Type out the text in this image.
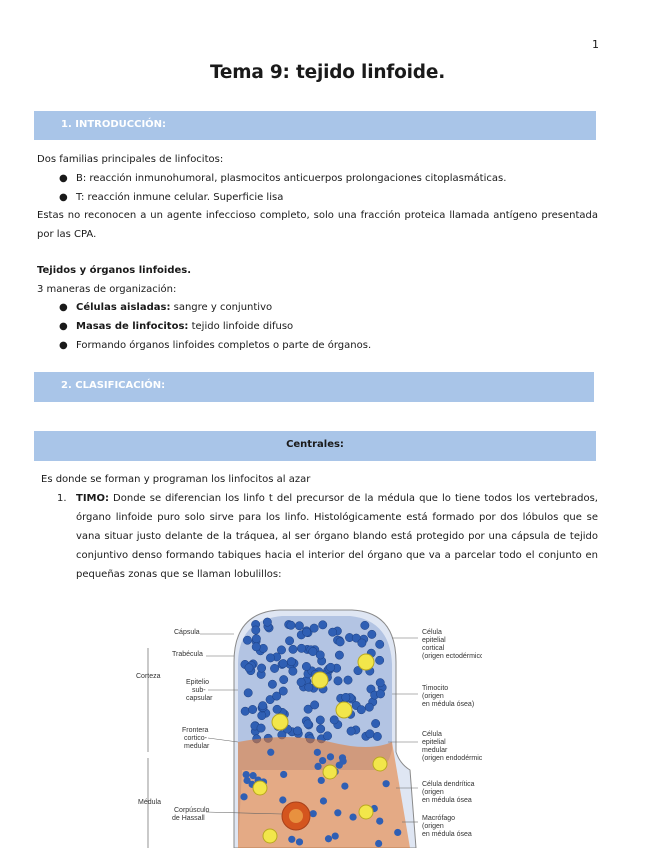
1
Tema 9: tejido linfoide.
1. INTRODUCCIÓN:
Dos familias principales de linfocitos:
● B: reacción inmunohumoral, plasmocitos anticuerpos prolongaciones citoplasmáticas.
● T: reacción inmune celular. Superficie lisa
Estas no reconocen a un agente infeccioso completo, solo una fracción proteica llamada antígeno presentada por las CPA.
Tejidos y órganos linfoides.
3 maneras de organización:
● Células aisladas: sangre y conjuntivo
● Masas de linfocitos: tejido linfoide difuso
● Formando órganos linfoides completos o parte de órganos.
2. CLASIFICACIÓN:
Centrales:
Es donde se forman y programan los linfocitos al azar
1. TIMO: Donde se diferencian los linfo t del precursor de la médula que lo tiene todos los vertebrados, órgano linfoide puro solo sirve para los linfo. Histológicamente está formado por dos lóbulos que se vana situar justo delante de la tráquea, al ser órgano blando está protegido por una cápsula de tejido conjuntivo denso formando tabiques hacia el interior del órgano que va a parcelar todo el conjunto en pequeñas zonas que se llaman lobulillos:
Cápsula
Trabécula
Corteza
Epitelio
sub-
capsular
Frontera
cortico-
medular
Médula
Corpúsculo
de Hassall
Célula
epitelial
cortical
(origen ectodérmico)
Timocito
(origen
en médula ósea)
Célula
epitelial
medular
(origen endodérmico)
Célula dendrítica
(origen
en médula ósea
Macrófago
(origen
en médula ósea
